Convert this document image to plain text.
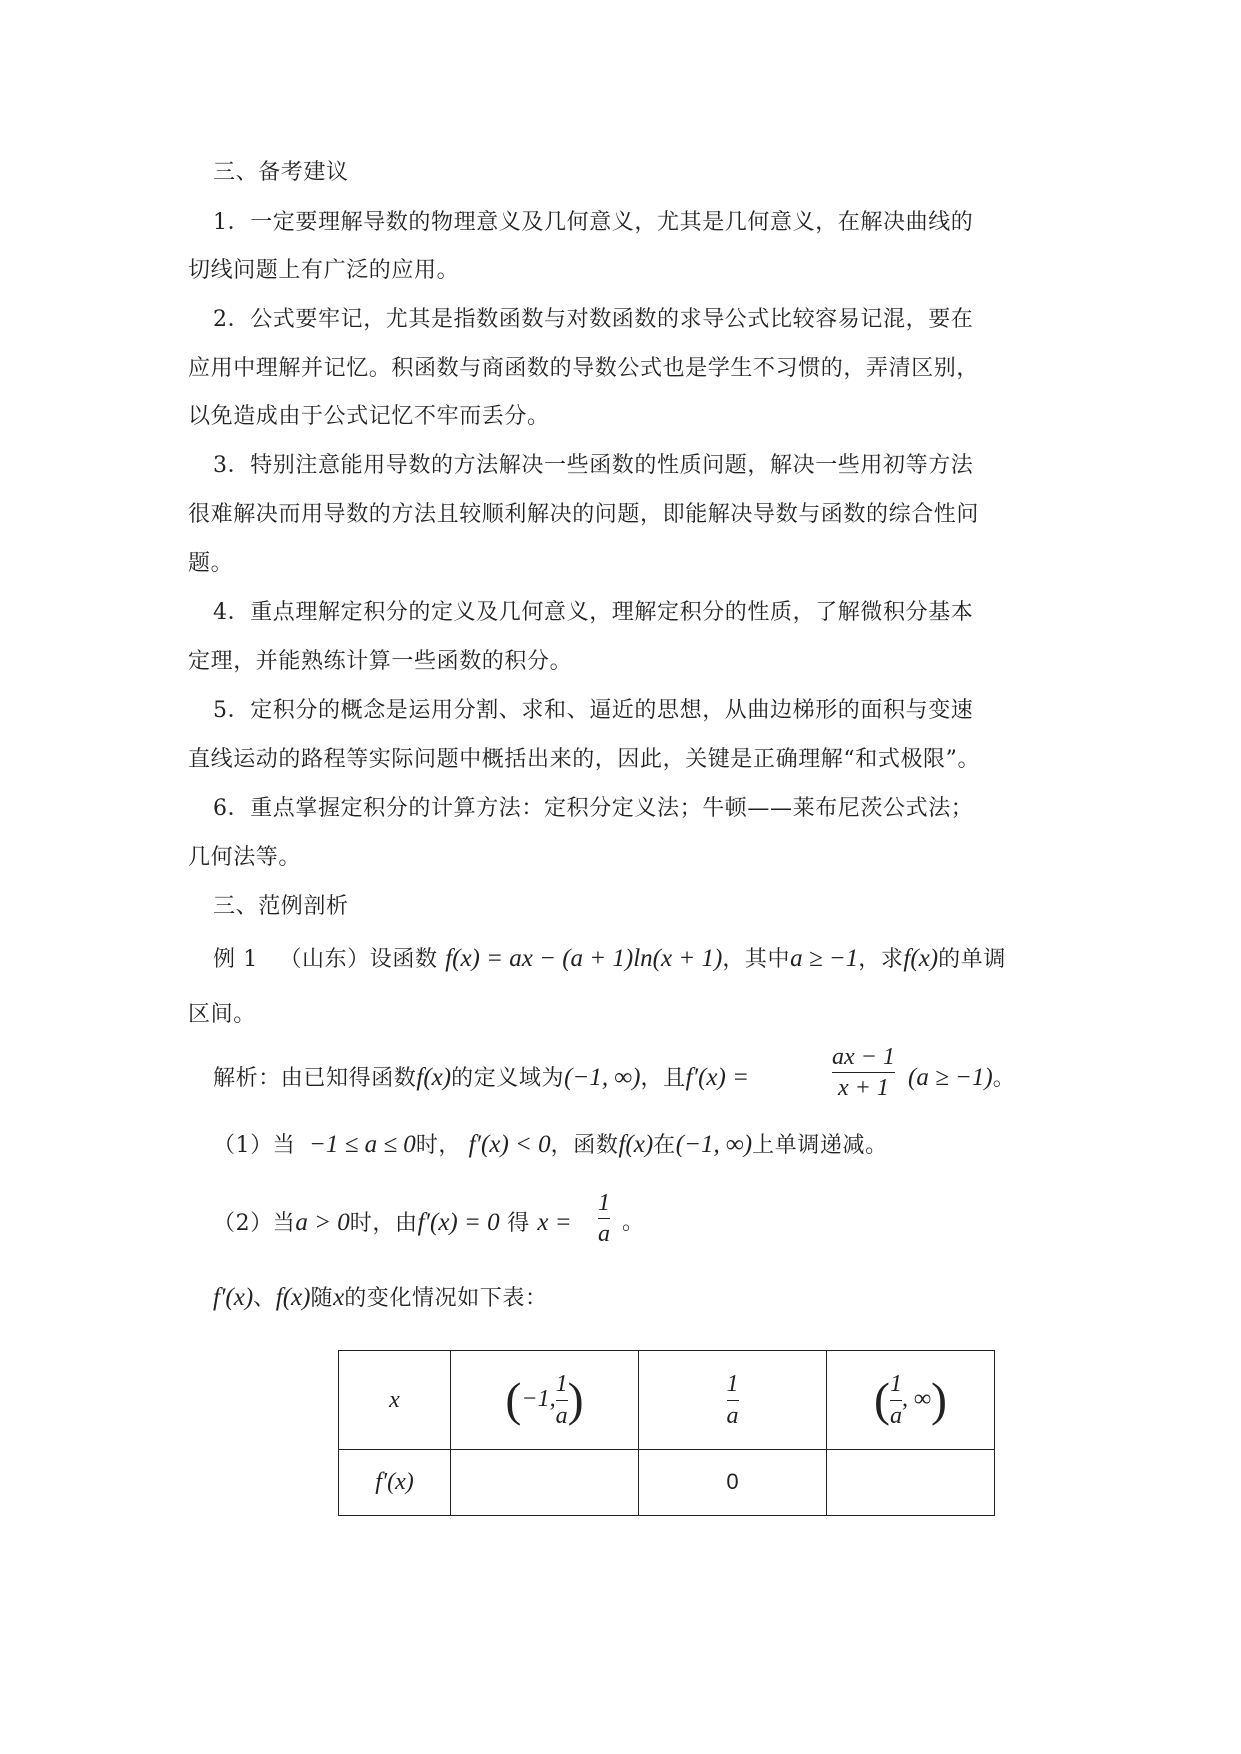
三、备考建议
1．一定要理解导数的物理意义及几何意义，尤其是几何意义，在解决曲线的
切线问题上有广泛的应用。
2．公式要牢记，尤其是指数函数与对数函数的求导公式比较容易记混，要在
应用中理解并记忆。积函数与商函数的导数公式也是学生不习惯的，弄清区别，
以免造成由于公式记忆不牢而丢分。
3．特别注意能用导数的方法解决一些函数的性质问题，解决一些用初等方法
很难解决而用导数的方法且较顺利解决的问题，即能解决导数与函数的综合性问
题。
4．重点理解定积分的定义及几何意义，理解定积分的性质，了解微积分基本
定理，并能熟练计算一些函数的积分。
5．定积分的概念是运用分割、求和、逼近的思想，从曲边梯形的面积与变速
直线运动的路程等实际问题中概括出来的，因此，关键是正确理解“和式极限”。
6．重点掌握定积分的计算方法：定积分定义法；牛顿——莱布尼茨公式法；
几何法等。
三、范例剖析
例 1 （山东）设函数 f(x) = ax − (a + 1)ln(x + 1)，其中a ≥ −1，求f(x)的单调
区间。
解析：由已知得函数f(x)的定义域为(−1, ∞)，且f′(x) =
ax − 1
x + 1 (a ≥ −1)。
（1）当 −1 ≤ a ≤ 0时， f′(x) < 0，函数f(x)在(−1, ∞)上单调递减。
（2）当a > 0时，由f′(x) = 0 得 x =
1
a 。
f′(x)、f(x)随x的变化情况如下表：
x	(−1, $\frac{1}{a}$ )	$\frac{1}{a}$	( $\frac{1}{a}$ , ∞)
f′(x)		0	
